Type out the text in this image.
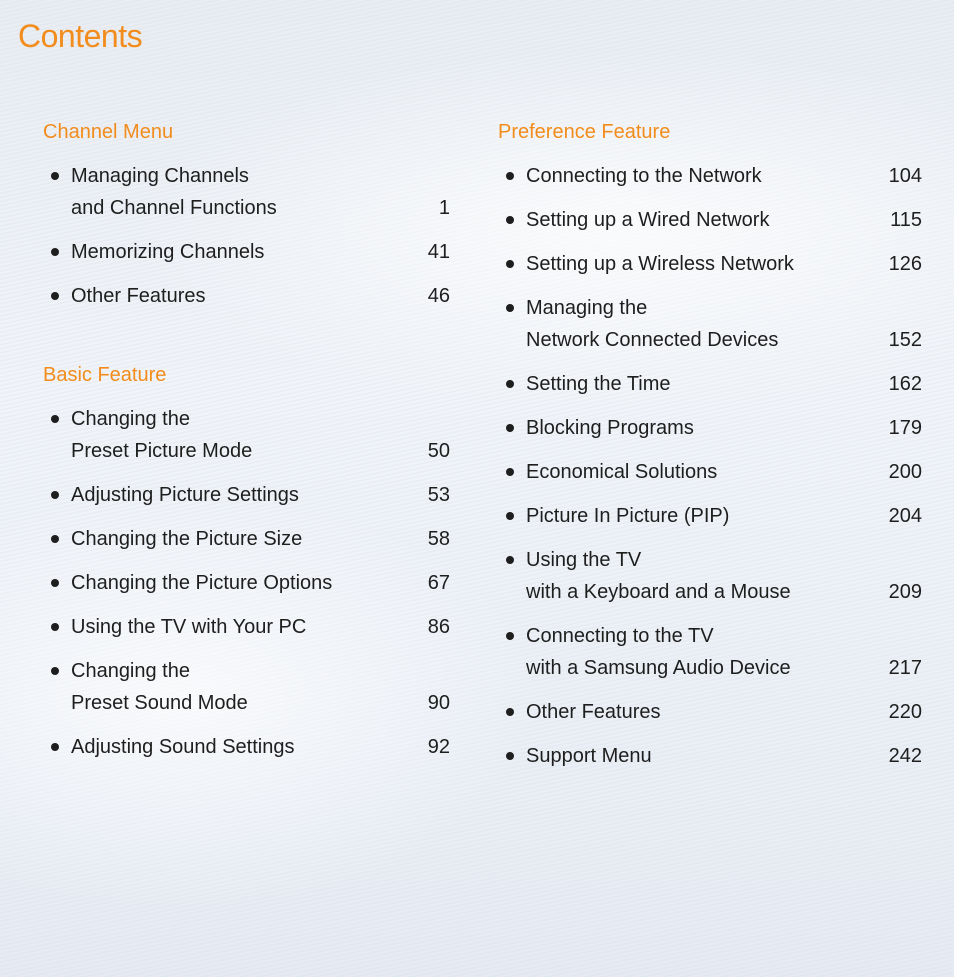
Contents
Channel Menu
Managing Channels
and Channel Functions	1
Memorizing Channels	41
Other Features	46
Basic Feature
Changing the
Preset Picture Mode	50
Adjusting Picture Settings	53
Changing the Picture Size	58
Changing the Picture Options	67
Using the TV with Your PC	86
Changing the
Preset Sound Mode	90
Adjusting Sound Settings	92
Preference Feature
Connecting to the Network	104
Setting up a Wired Network	115
Setting up a Wireless Network	126
Managing the
Network Connected Devices	152
Setting the Time	162
Blocking Programs	179
Economical Solutions	200
Picture In Picture (PIP)	204
Using the TV
with a Keyboard and a Mouse	209
Connecting to the TV
with a Samsung Audio Device	217
Other Features	220
Support Menu	242
